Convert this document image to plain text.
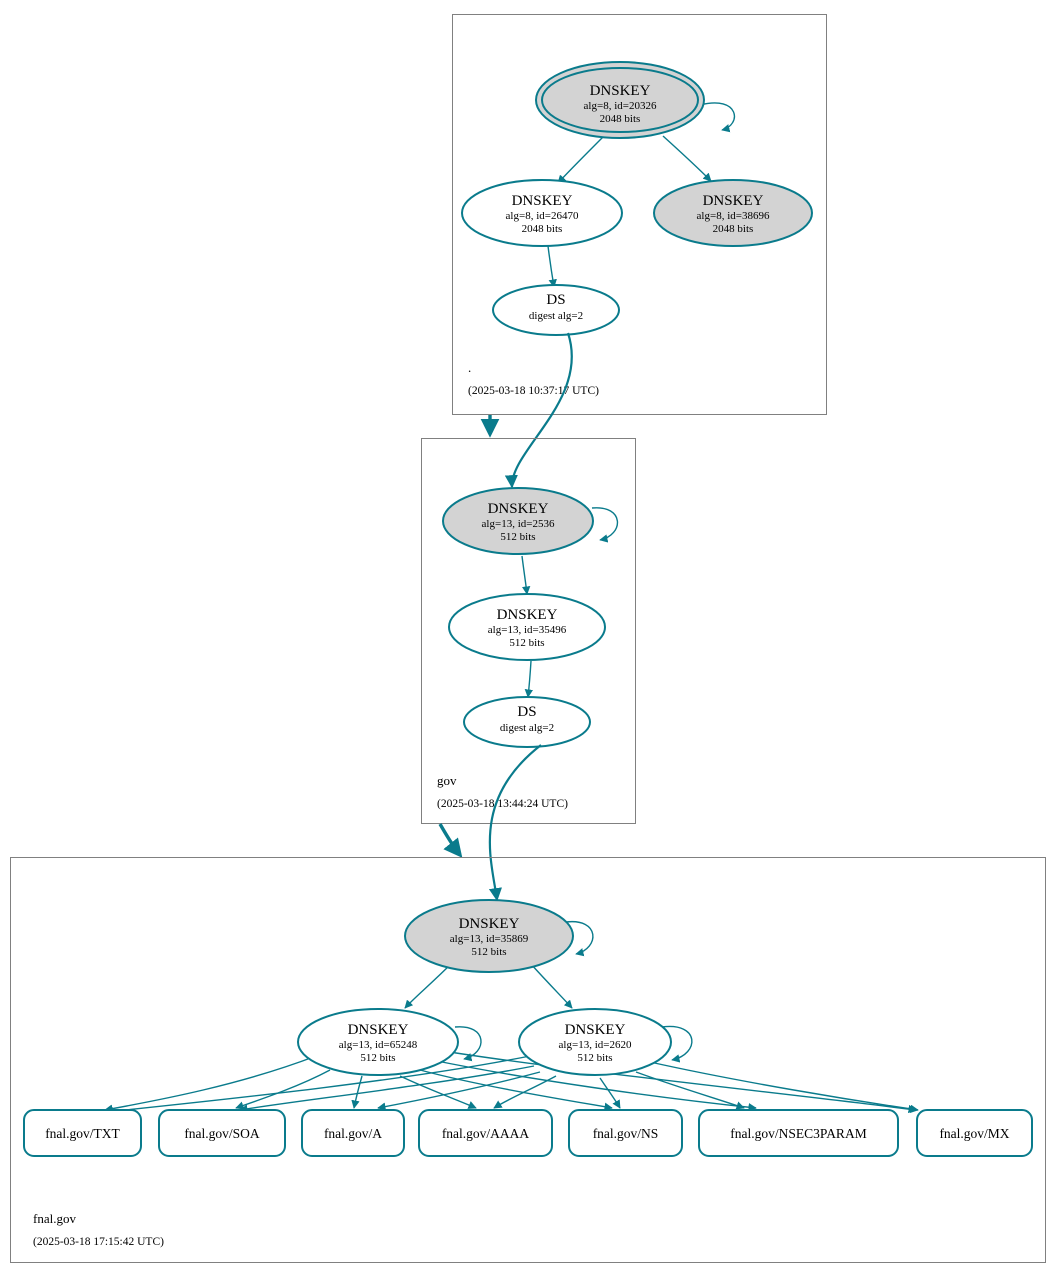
DNSKEY
alg=8, id=20326
2048 bits
DNSKEY
alg=8, id=26470
2048 bits
DNSKEY
alg=8, id=38696
2048 bits
DS
digest alg=2
.
(2025-03-18 10:37:17 UTC)
DNSKEY
alg=13, id=2536
512 bits
DNSKEY
alg=13, id=35496
512 bits
DS
digest alg=2
gov
(2025-03-18 13:44:24 UTC)
DNSKEY
alg=13, id=35869
512 bits
DNSKEY
alg=13, id=65248
512 bits
DNSKEY
alg=13, id=2620
512 bits
fnal.gov/TXT	fnal.gov/SOA	fnal.gov/A	fnal.gov/AAAA	fnal.gov/NS	fnal.gov/NSEC3PARAM	fnal.gov/MX
fnal.gov
(2025-03-18 17:15:42 UTC)
